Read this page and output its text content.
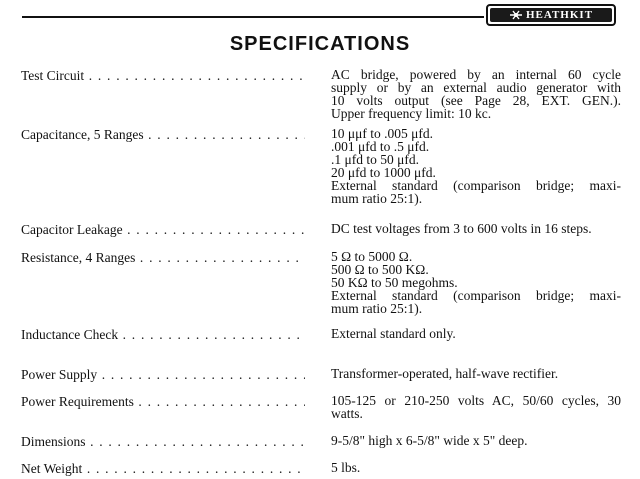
HEATHKIT
SPECIFICATIONS
Test Circuit . . .	AC bridge, powered by an internal 60 cycle
supply or by an external audio generator with
10 volts output (see Page 28, EXT. GEN.).
Upper frequency limit: 10 kc.
Capacitance, 5 Ranges . . .	10 μμf to .005 μfd.
.001 μfd to .5 μfd.
.1 μfd to 50 μfd.
20 μfd to 1000 μfd.
External standard (comparison bridge; maxi-
mum ratio 25:1).
Capacitor Leakage . . .	DC test voltages from 3 to 600 volts in 16 steps.
Resistance, 4 Ranges . . .	5 Ω to 5000 Ω.
500 Ω to 500 KΩ.
50 KΩ to 50 megohms.
External standard (comparison bridge; maxi-
mum ratio 25:1).
Inductance Check . . .	External standard only.
Power Supply . . .	Transformer-operated, half-wave rectifier.
Power Requirements . . .	105-125 or 210-250 volts AC, 50/60 cycles, 30
watts.
Dimensions . . .	9-5/8" high x 6-5/8" wide x 5" deep.
Net Weight . . .	5 lbs.
